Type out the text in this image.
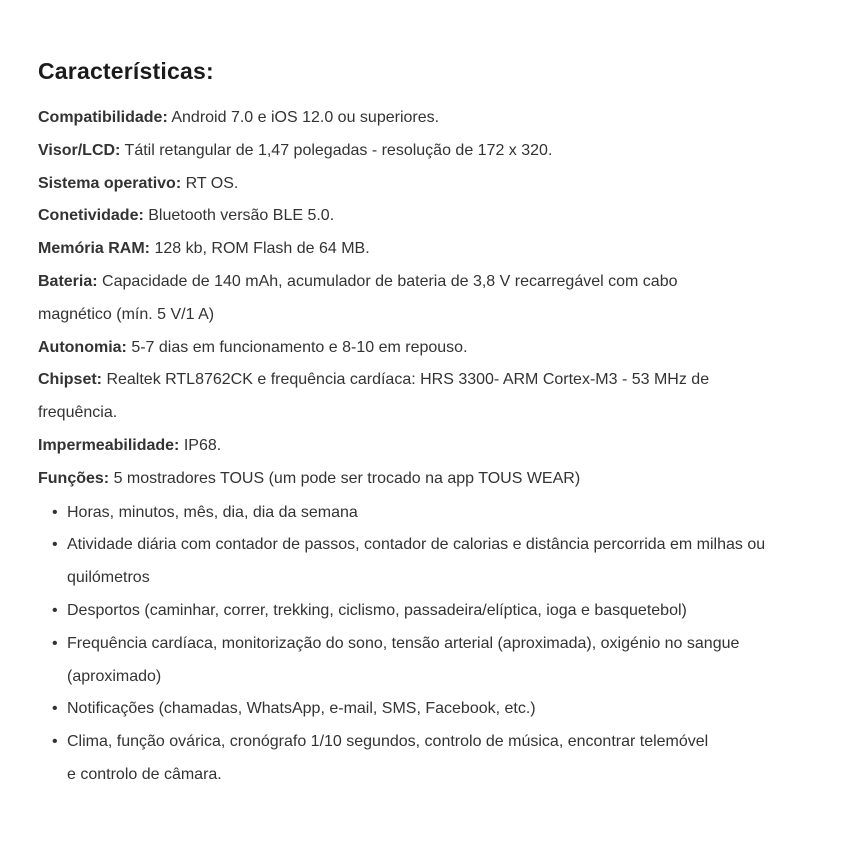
Características:

Compatibilidade: Android 7.0 e iOS 12.0 ou superiores.

Visor/LCD: Tátil retangular de 1,47 polegadas - resolução de 172 x 320.

Sistema operativo: RT OS.

Conetividade: Bluetooth versão BLE 5.0.

Memória RAM: 128 kb, ROM Flash de 64 MB.

Bateria: Capacidade de 140 mAh, acumulador de bateria de 3,8 V recarregável com cabo magnético (mín. 5 V/1 A)

Autonomia: 5-7 dias em funcionamento e 8-10 em repouso.

Chipset: Realtek RTL8762CK e frequência cardíaca: HRS 3300- ARM Cortex-M3 - 53 MHz de frequência.

Impermeabilidade: IP68.

Funções: 5 mostradores TOUS (um pode ser trocado na app TOUS WEAR)

• Horas, minutos, mês, dia, dia da semana
• Atividade diária com contador de passos, contador de calorias e distância percorrida em milhas ou quilómetros
• Desportos (caminhar, correr, trekking, ciclismo, passadeira/elíptica, ioga e basquetebol)
• Frequência cardíaca, monitorização do sono, tensão arterial (aproximada), oxigénio no sangue (aproximado)
• Notificações (chamadas, WhatsApp, e-mail, SMS, Facebook, etc.)
• Clima, função ovárica, cronógrafo 1/10 segundos, controlo de música, encontrar telemóvel e controlo de câmara.
